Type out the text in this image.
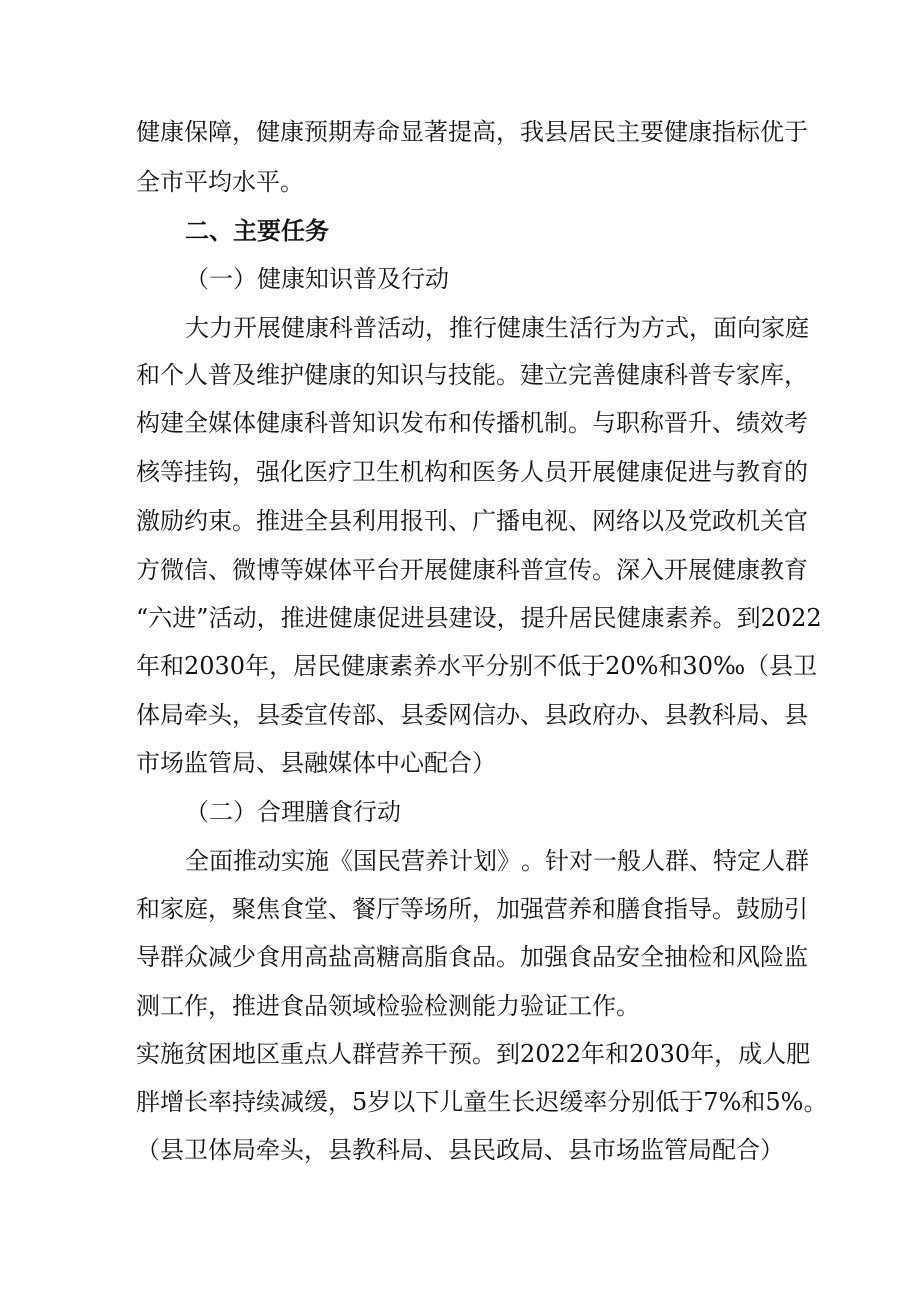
健 康 保 障 ， 健 康 预 期 寿 命 显 著 提 高 ， 我 县 居 民 主 要 健 康 指 标 优 于
全市平均水平。
二、主要任务
（一）健康知识普及行动
大 力 开 展 健 康 科 普 活 动 ， 推 行 健 康 生 活 行 为 方 式 ， 面 向 家 庭
和 个 人 普 及 维 护 健 康 的 知 识 与 技 能 。 建 立 完 善 健 康 科 普 专 家 库 ，
构 建 全 媒 体 健 康 科 普 知 识 发 布 和 传 播 机 制 。 与 职 称 晋 升 、 绩 效 考
核 等 挂 钩 ， 强 化 医 疗 卫 生 机 构 和 医 务 人 员 开 展 健 康 促 进 与 教 育 的
激 励 约 束 。 推 进 全 县 利 用 报 刊 、 广 播 电 视 、 网 络 以 及 党 政 机 关 官
方 微 信 、 微 博 等 媒 体 平 台 开 展 健 康 科 普 宣 传 。 深 入 开 展 健 康 教 育
“ 六 进 ” 活 动 ， 推 进 健 康 促 进 县 建 设 ， 提 升 居 民 健 康 素 养 。 到 2022
年 和 2030 年 ， 居 民 健 康 素 养 水 平 分 别 不 低 于 20% 和 30‰ （ 县 卫
体 局 牵 头 ， 县 委 宣 传 部 、 县 委 网 信 办 、 县 政 府 办 、 县 教 科 局 、 县
市场监管局、县融媒体中心配合）
（二）合理膳食行动
全 面 推 动 实 施 《 国 民 营 养 计 划 》 。 针 对 一 般 人 群 、 特 定 人 群
和 家 庭 ， 聚 焦 食 堂 、 餐 厅 等 场 所 ， 加 强 营 养 和 膳 食 指 导 。 鼓 励 引
导 群 众 减 少 食 用 高 盐 高 糖 高 脂 食 品 。 加 强 食 品 安 全 抽 检 和 风 险 监
测工作，推进食品领域检验检测能力验证工作。
实 施 贫 困 地 区 重 点 人 群 营 养 干 预 。 到 2022 年 和 2030 年 ， 成 人 肥
胖 增 长 率 持 续 减 缓 ， 5 岁 以 下 儿 童 生 长 迟 缓 率 分 别 低 于 7% 和 5% 。
（县卫体局牵头，县教科局、县民政局、县市场监管局配合）
